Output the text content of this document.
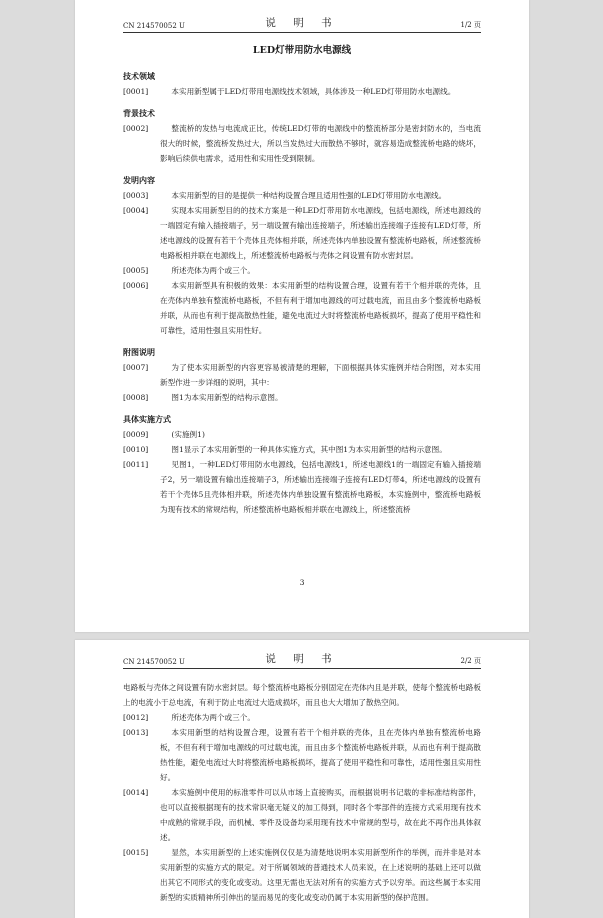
CN 214570052 U	说 明 书	1/2 页
LED灯带用防水电源线
技术领域
[0001]	本实用新型属于LED灯带用电源线技术领域，具体涉及一种LED灯带用防水电源线。
背景技术
[0002]	整流桥的发热与电流成正比，传统LED灯带的电源线中的整流桥部分是密封防水的，当电流很大的时候，整流桥发热过大，所以当发热过大而散热不够时，就容易造成整流桥电路的烧坏，影响后续供电需求，适用性和实用性受到限制。
发明内容
[0003]	本实用新型的目的是提供一种结构设置合理且适用性强的LED灯带用防水电源线。
[0004]	实现本实用新型目的的技术方案是一种LED灯带用防水电源线，包括电源线，所述电源线的一端固定有输入插接端子，另一端设置有输出连接端子，所述输出连接端子连接有LED灯带，所述电源线的设置有若干个壳体且壳体相并联，所述壳体内单独设置有整流桥电路板，所述整流桥电路板相并联在电源线上，所述整流桥电路板与壳体之间设置有防水密封层。
[0005]	所述壳体为两个或三个。
[0006]	本实用新型具有积极的效果：本实用新型的结构设置合理，设置有若干个相并联的壳体，且在壳体内单独有整流桥电路板，不但有利于增加电源线的可过载电流，而且由多个整流桥电路板并联，从而也有利于提高散热性能，避免电流过大时将整流桥电路板损坏，提高了使用平稳性和可靠性，适用性强且实用性好。
附图说明
[0007]	为了使本实用新型的内容更容易被清楚的理解，下面根据具体实施例并结合附图，对本实用新型作进一步详细的说明，其中：
[0008]	图1为本实用新型的结构示意图。
具体实施方式
[0009]	(实施例1)
[0010]	图1显示了本实用新型的一种具体实施方式，其中图1为本实用新型的结构示意图。
[0011]	见图1，一种LED灯带用防水电源线，包括电源线1，所述电源线1的一端固定有输入插接端子2，另一端设置有输出连接端子3，所述输出连接端子连接有LED灯带4，所述电源线的设置有若干个壳体5且壳体相并联，所述壳体内单独设置有整流桥电路板，本实施例中，整流桥电路板为现有技术的常规结构，所述整流桥电路板相并联在电源线上，所述整流桥
3
CN 214570052 U	说 明 书	2/2 页
电路板与壳体之间设置有防水密封层。每个整流桥电路板分别固定在壳体内且是并联，使每个整流桥电路板上的电流小于总电流，有利于防止电流过大造成损坏，而且也大大增加了散热空间。
[0012]	所述壳体为两个或三个。
[0013]	本实用新型的结构设置合理，设置有若干个相并联的壳体，且在壳体内单独有整流桥电路板，不但有利于增加电源线的可过载电流，而且由多个整流桥电路板并联，从而也有利于提高散热性能，避免电流过大时将整流桥电路板损坏，提高了使用平稳性和可靠性，适用性强且实用性好。
[0014]	本实施例中使用的标准零件可以从市场上直接购买，而根据说明书记载的非标准结构部件，也可以直接根据现有的技术常识毫无疑义的加工得到，同时各个零部件的连接方式采用现有技术中成熟的常规手段，而机械、零件及设备均采用现有技术中常规的型号，故在此不再作出具体叙述。
[0015]	显然，本实用新型的上述实施例仅仅是为清楚地说明本实用新型所作的举例，而并非是对本实用新型的实施方式的限定。对于所属领域的普通技术人员来说，在上述说明的基础上还可以做出其它不同形式的变化或变动。这里无需也无法对所有的实施方式予以穷举。而这些属于本实用新型的实质精神所引伸出的显而易见的变化或变动仍属于本实用新型的保护范围。
